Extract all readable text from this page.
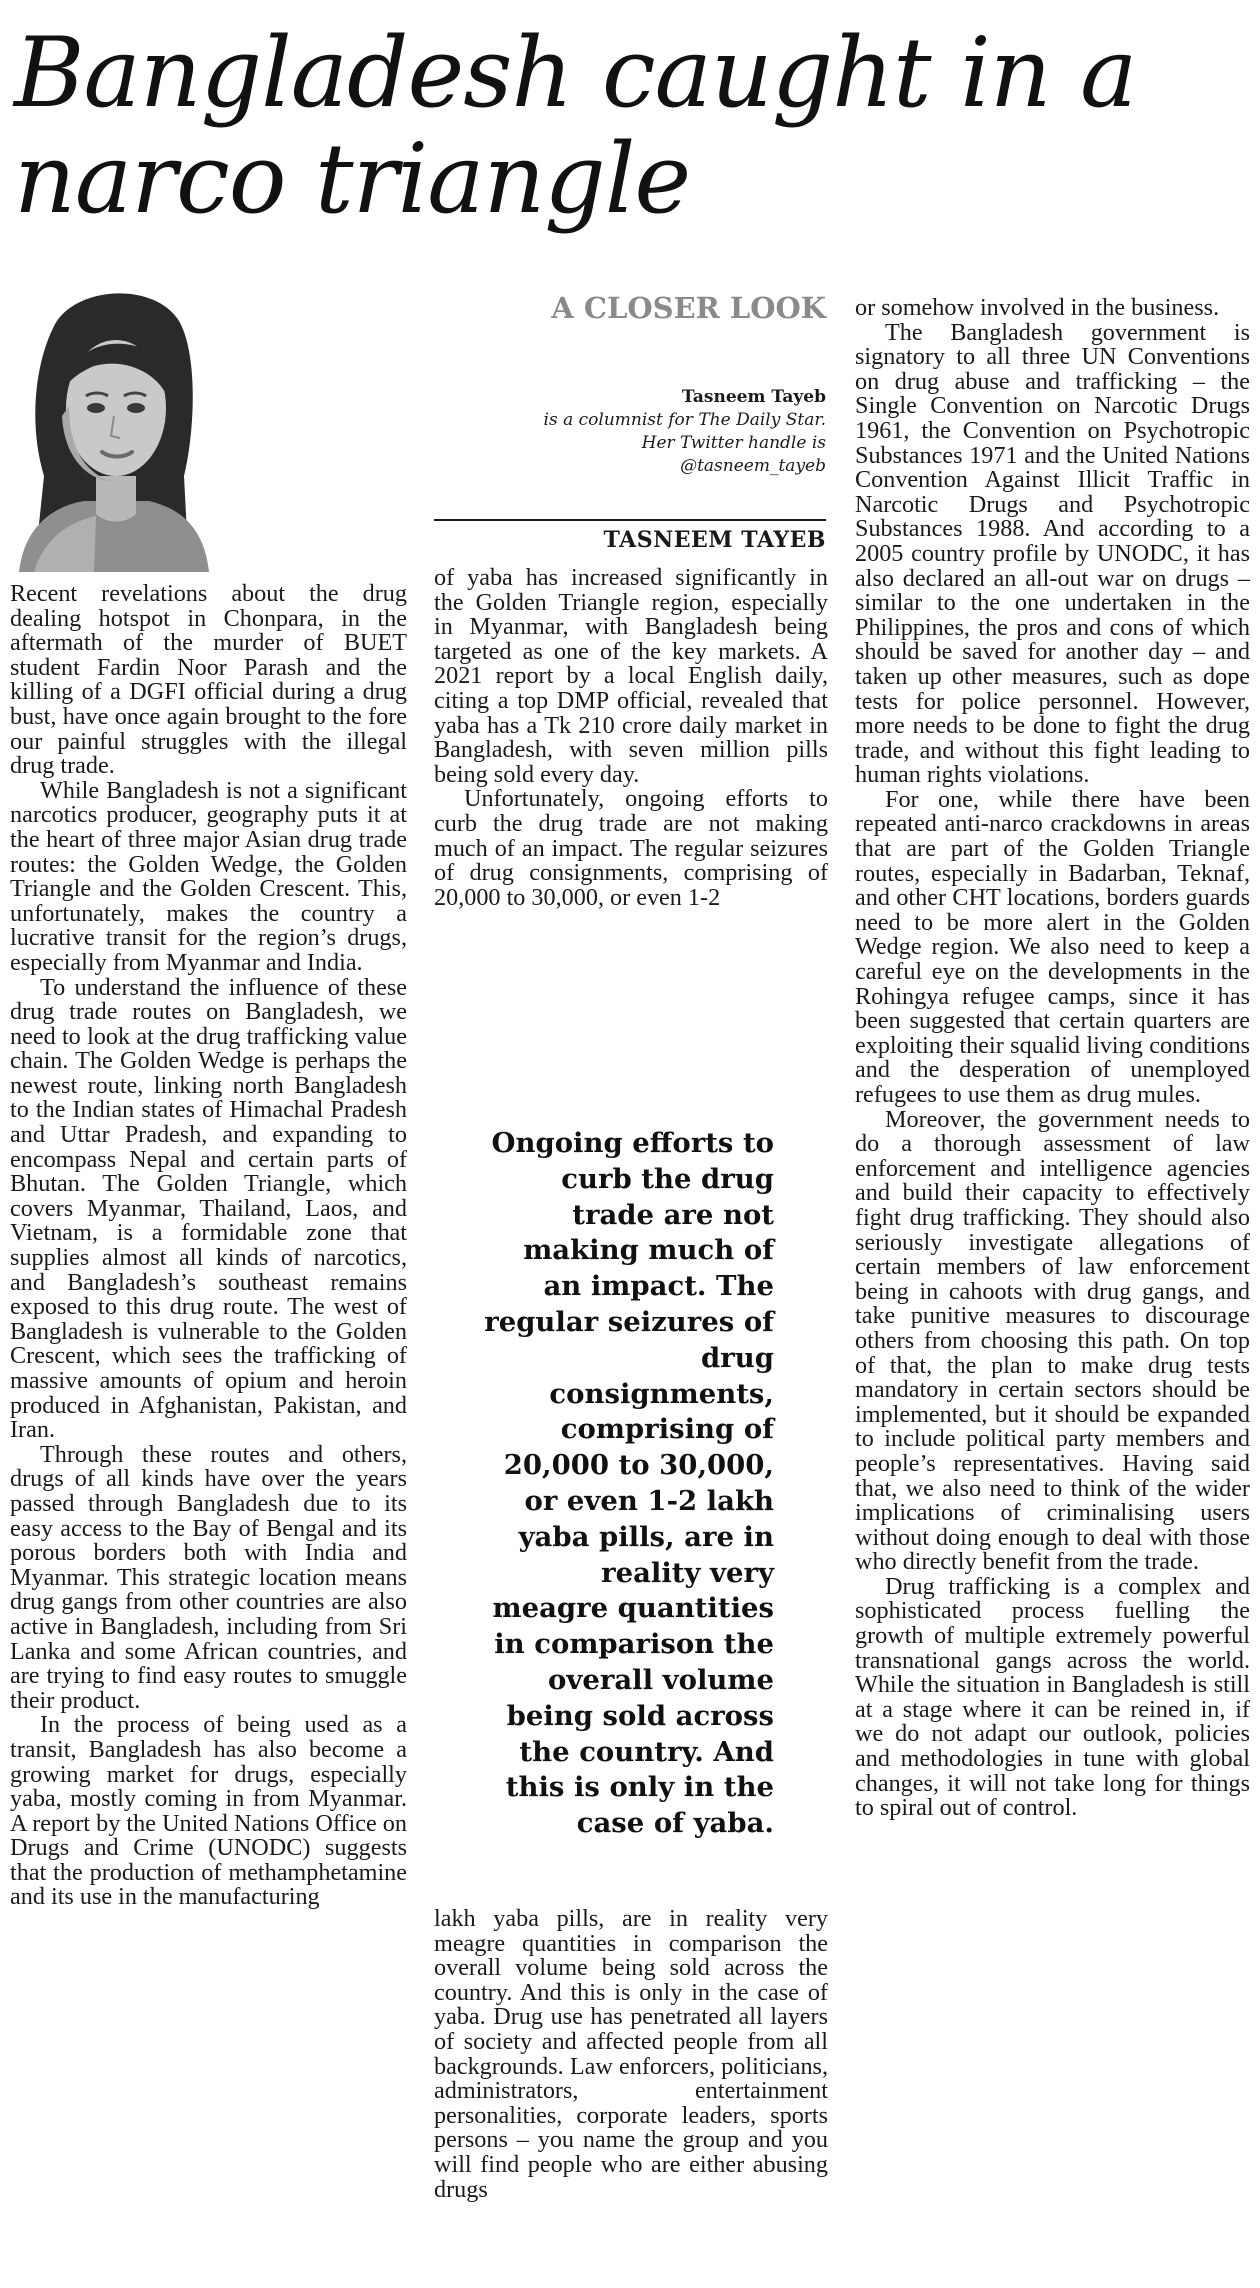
Bangladesh caught in a narco triangle
A CLOSER LOOK
Tasneem Tayeb
is a columnist for The Daily Star.
Her Twitter handle is
@tasneem_tayeb
TASNEEM TAYEB

Recent revelations about the drug dealing hotspot in Chonpara, in the aftermath of the murder of BUET student Fardin Noor Parash and the killing of a DGFI official during a drug bust, have once again brought to the fore our painful struggles with the illegal drug trade.

While Bangladesh is not a significant narcotics producer, geography puts it at the heart of three major Asian drug trade routes: the Golden Wedge, the Golden Triangle and the Golden Crescent. This, unfortunately, makes the country a lucrative transit for the region’s drugs, especially from Myanmar and India.

To understand the influence of these drug trade routes on Bangladesh, we need to look at the drug trafficking value chain. The Golden Wedge is perhaps the newest route, linking north Bangladesh to the Indian states of Himachal Pradesh and Uttar Pradesh, and expanding to encompass Nepal and certain parts of Bhutan. The Golden Triangle, which covers Myanmar, Thailand, Laos, and Vietnam, is a formidable zone that supplies almost all kinds of narcotics, and Bangladesh’s southeast remains exposed to this drug route. The west of Bangladesh is vulnerable to the Golden Crescent, which sees the trafficking of massive amounts of opium and heroin produced in Afghanistan, Pakistan, and Iran.

Through these routes and others, drugs of all kinds have over the years passed through Bangladesh due to its easy access to the Bay of Bengal and its porous borders both with India and Myanmar. This strategic location means drug gangs from other countries are also active in Bangladesh, including from Sri Lanka and some African countries, and are trying to find easy routes to smuggle their product.

In the process of being used as a transit, Bangladesh has also become a growing market for drugs, especially yaba, mostly coming in from Myanmar. A report by the United Nations Office on Drugs and Crime (UNODC) suggests that the production of methamphetamine and its use in the manufacturing

of yaba has increased significantly in the Golden Triangle region, especially in Myanmar, with Bangladesh being targeted as one of the key markets. A 2021 report by a local English daily, citing a top DMP official, revealed that yaba has a Tk 210 crore daily market in Bangladesh, with seven million pills being sold every day.

Unfortunately, ongoing efforts to curb the drug trade are not making much of an impact. The regular seizures of drug consignments, comprising of 20,000 to 30,000, or even 1-2

Ongoing efforts to curb the drug trade are not making much of an impact. The regular seizures of drug consignments, comprising of 20,000 to 30,000, or even 1-2 lakh yaba pills, are in reality very meagre quantities in comparison the overall volume being sold across the country. And this is only in the case of yaba.

lakh yaba pills, are in reality very meagre quantities in comparison the overall volume being sold across the country. And this is only in the case of yaba. Drug use has penetrated all layers of society and affected people from all backgrounds. Law enforcers, politicians, administrators, entertainment personalities, corporate leaders, sports persons – you name the group and you will find people who are either abusing drugs

or somehow involved in the business.

The Bangladesh government is signatory to all three UN Conventions on drug abuse and trafficking – the Single Convention on Narcotic Drugs 1961, the Convention on Psychotropic Substances 1971 and the United Nations Convention Against Illicit Traffic in Narcotic Drugs and Psychotropic Substances 1988. And according to a 2005 country profile by UNODC, it has also declared an all-out war on drugs – similar to the one undertaken in the Philippines, the pros and cons of which should be saved for another day – and taken up other measures, such as dope tests for police personnel. However, more needs to be done to fight the drug trade, and without this fight leading to human rights violations.

For one, while there have been repeated anti-narco crackdowns in areas that are part of the Golden Triangle routes, especially in Badarban, Teknaf, and other CHT locations, borders guards need to be more alert in the Golden Wedge region. We also need to keep a careful eye on the developments in the Rohingya refugee camps, since it has been suggested that certain quarters are exploiting their squalid living conditions and the desperation of unemployed refugees to use them as drug mules.

Moreover, the government needs to do a thorough assessment of law enforcement and intelligence agencies and build their capacity to effectively fight drug trafficking. They should also seriously investigate allegations of certain members of law enforcement being in cahoots with drug gangs, and take punitive measures to discourage others from choosing this path. On top of that, the plan to make drug tests mandatory in certain sectors should be implemented, but it should be expanded to include political party members and people’s representatives. Having said that, we also need to think of the wider implications of criminalising users without doing enough to deal with those who directly benefit from the trade.

Drug trafficking is a complex and sophisticated process fuelling the growth of multiple extremely powerful transnational gangs across the world. While the situation in Bangladesh is still at a stage where it can be reined in, if we do not adapt our outlook, policies and methodologies in tune with global changes, it will not take long for things to spiral out of control.
